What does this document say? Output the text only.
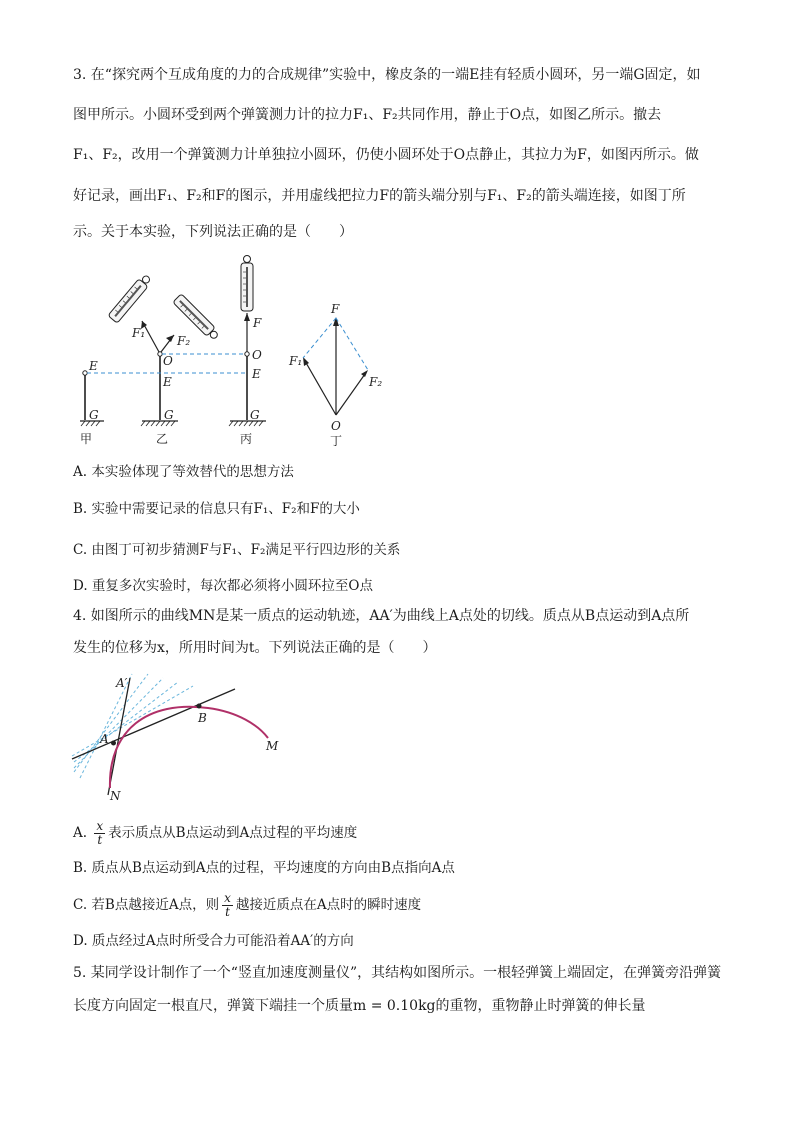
3. 在“探究两个互成角度的力的合成规律”实验中，橡皮条的一端E挂有轻质小圆环，另一端G固定，如
图甲所示。小圆环受到两个弹簧测力计的拉力F₁、F₂共同作用，静止于O点，如图乙所示。撤去
F₁、F₂，改用一个弹簧测力计单独拉小圆环，仍使小圆环处于O点静止，其拉力为F，如图丙所示。做
好记录，画出F₁、F₂和F的图示，并用虚线把拉力F的箭头端分别与F₁、F₂的箭头端连接，如图丁所
示。关于本实验，下列说法正确的是（　　）
E
G
甲
F₁
F₂
O
E
G
乙
F
O
E
G
丙
F
F₁
F₂
O
丁
A. 本实验体现了等效替代的思想方法
B. 实验中需要记录的信息只有F₁、F₂和F的大小
C. 由图丁可初步猜测F与F₁、F₂满足平行四边形的关系
D. 重复多次实验时，每次都必须将小圆环拉至O点
4. 如图所示的曲线MN是某一质点的运动轨迹，AA′为曲线上A点处的切线。质点从B点运动到A点所
发生的位移为x，所用时间为t。下列说法正确的是（　　）
A′
A
B
M
N
A. $\frac{x}{t}$ 表示质点从B点运动到A点过程的平均速度
B. 质点从B点运动到A点的过程，平均速度的方向由B点指向A点
C. 若B点越接近A点，则 $\frac{x}{t}$ 越接近质点在A点时的瞬时速度
D. 质点经过A点时所受合力可能沿着AA′的方向
5. 某同学设计制作了一个“竖直加速度测量仪”，其结构如图所示。一根轻弹簧上端固定，在弹簧旁沿弹簧
长度方向固定一根直尺，弹簧下端挂一个质量m = 0.10kg的重物，重物静止时弹簧的伸长量
